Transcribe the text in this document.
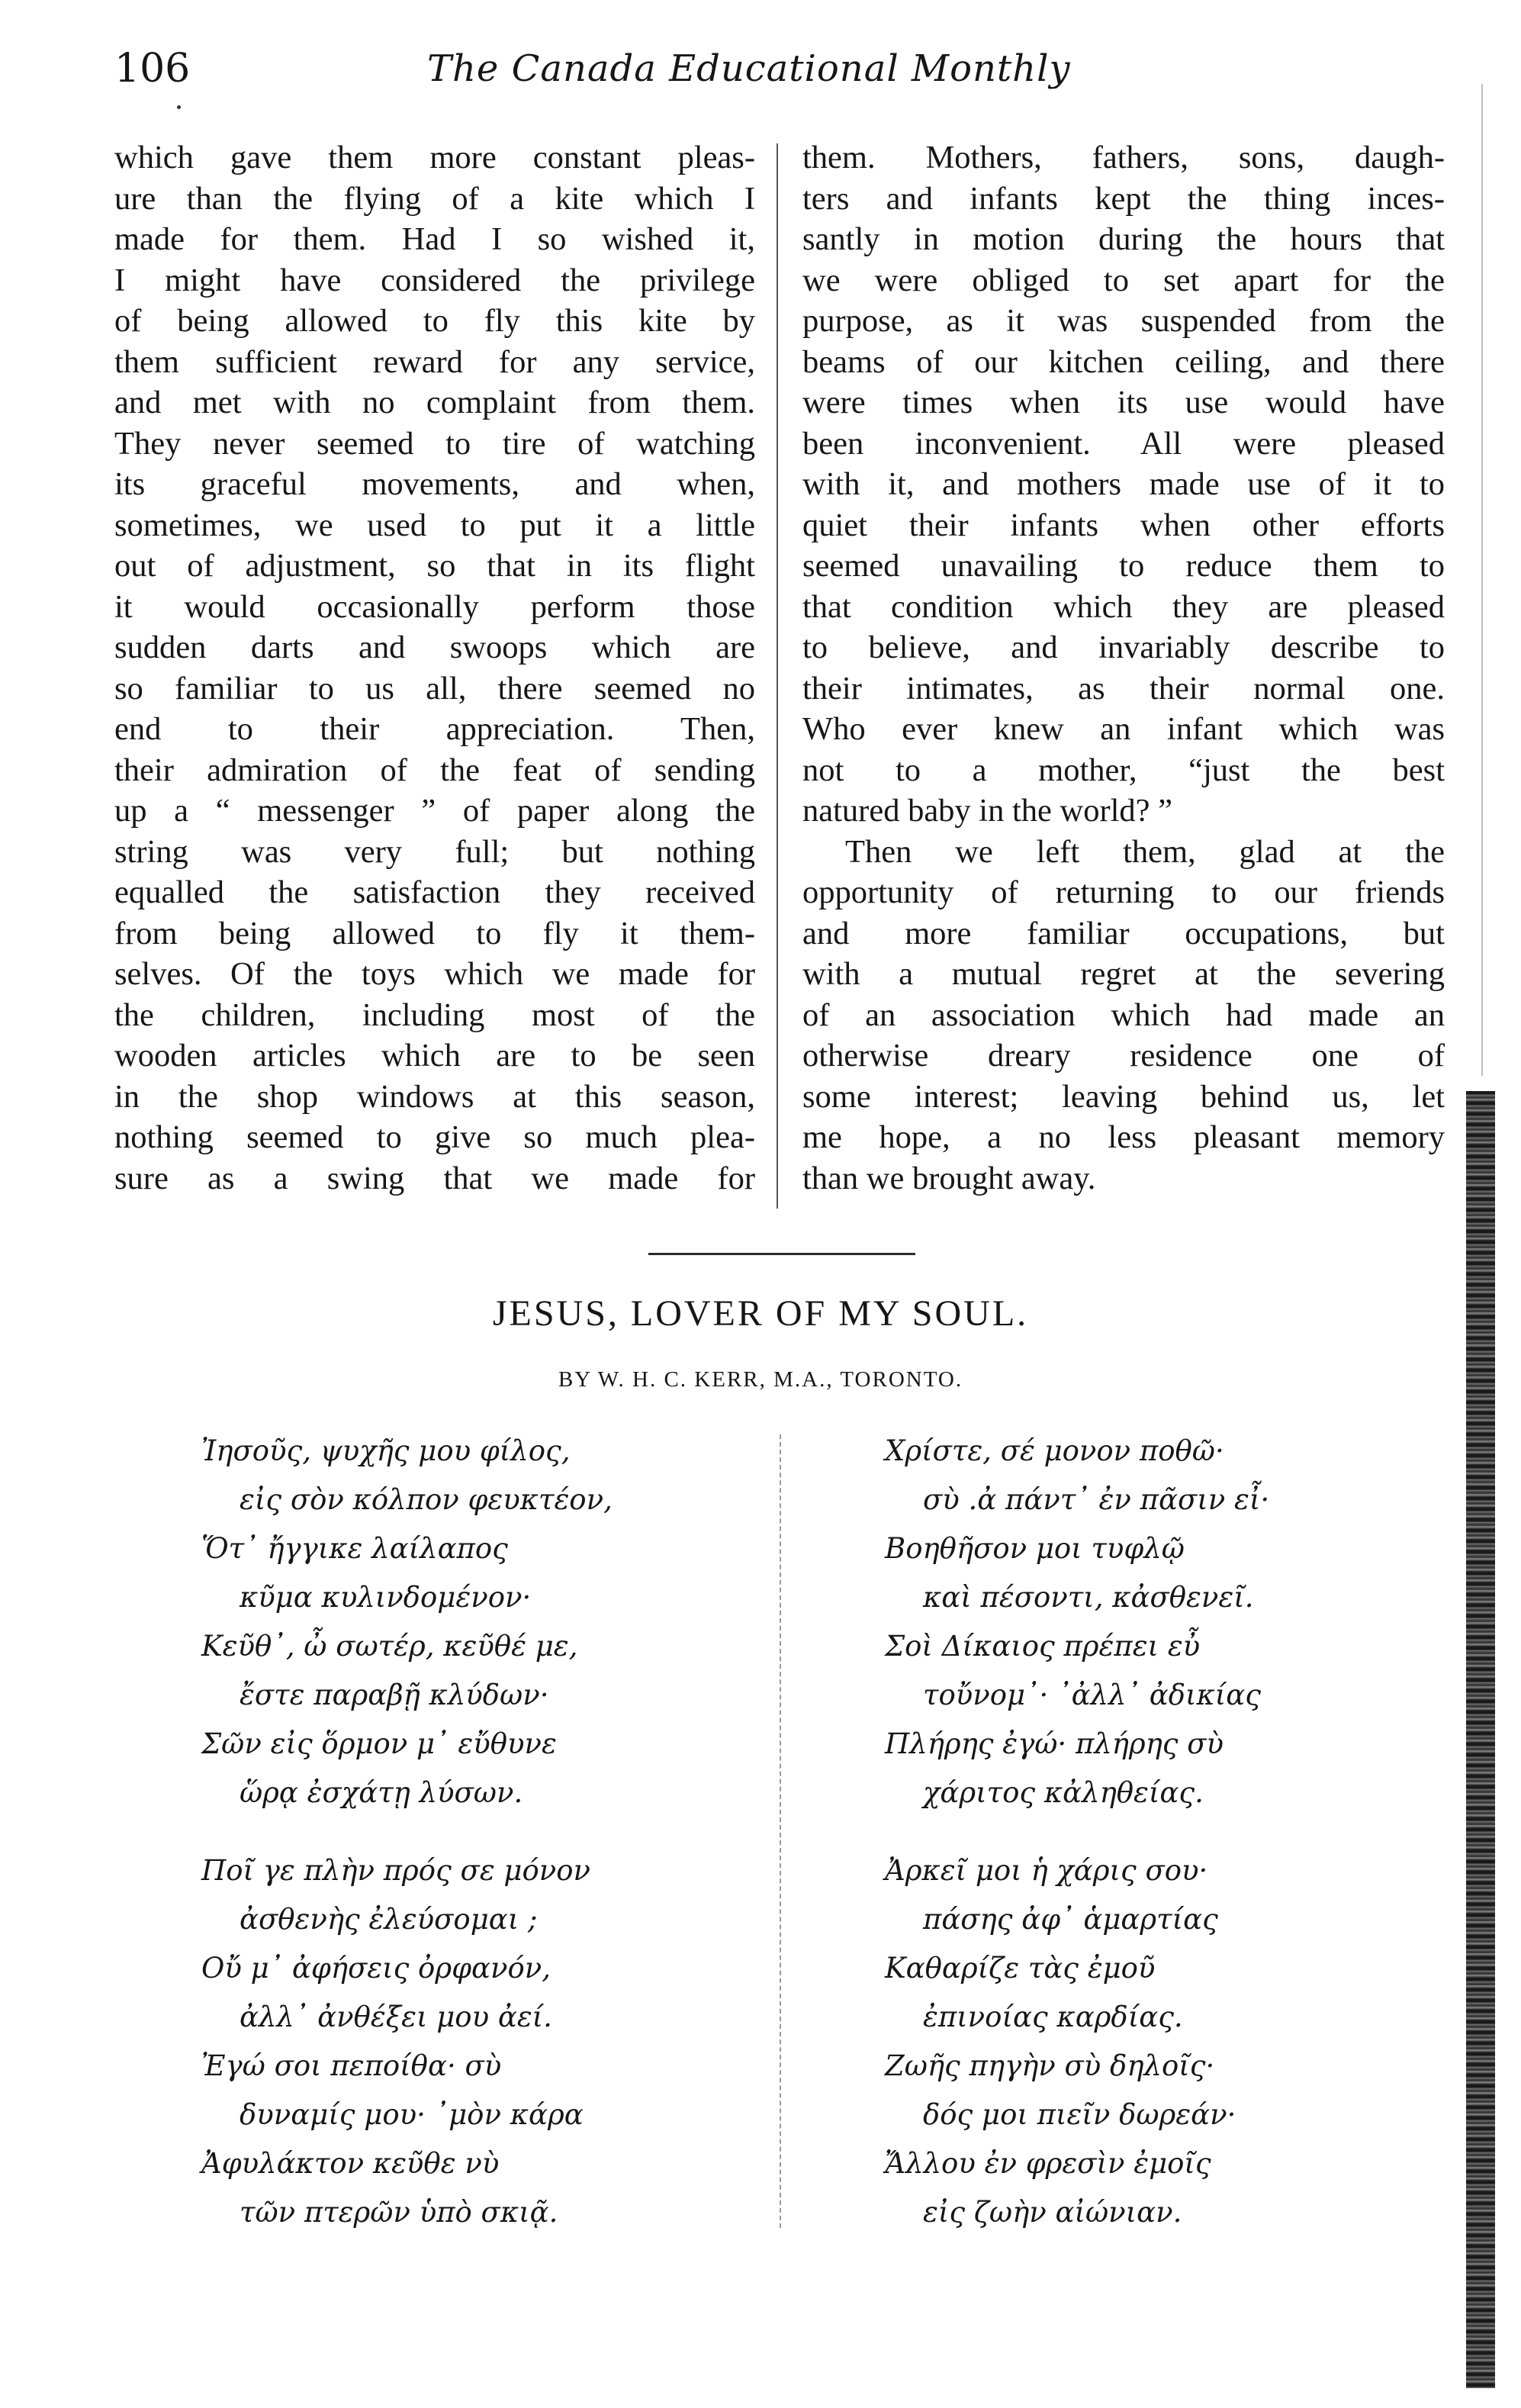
106	The Canada Educational Monthly
which gave them more constant pleas-
ure than the flying of a kite which I
made for them. Had I so wished it,
I might have considered the privilege
of being allowed to fly this kite by
them sufficient reward for any service,
and met with no complaint from them.
They never seemed to tire of watching
its graceful movements, and when,
sometimes, we used to put it a little
out of adjustment, so that in its flight
it would occasionally perform those
sudden darts and swoops which are
so familiar to us all, there seemed no
end to their appreciation. Then,
their admiration of the feat of sending
up a “ messenger ” of paper along the
string was very full; but nothing
equalled the satisfaction they received
from being allowed to fly it them-
selves. Of the toys which we made for
the children, including most of the
wooden articles which are to be seen
in the shop windows at this season,
nothing seemed to give so much plea-
sure as a swing that we made for
them. Mothers, fathers, sons, daugh-
ters and infants kept the thing inces-
santly in motion during the hours that
we were obliged to set apart for the
purpose, as it was suspended from the
beams of our kitchen ceiling, and there
were times when its use would have
been inconvenient. All were pleased
with it, and mothers made use of it to
quiet their infants when other efforts
seemed unavailing to reduce them to
that condition which they are pleased
to believe, and invariably describe to
their intimates, as their normal one.
Who ever knew an infant which was
not to a mother, “just the best
natured baby in the world? ”
Then we left them, glad at the
opportunity of returning to our friends
and more familiar occupations, but
with a mutual regret at the severing
of an association which had made an
otherwise dreary residence one of
some interest; leaving behind us, let
me hope, a no less pleasant memory
than we brought away.
JESUS, LOVER OF MY SOUL.
BY W. H. C. KERR, M.A., TORONTO.
Ἰησοῦς, ψυχῆς μου φίλος,
εἰς σὸν κόλπον φευκτέον,
Ὅτ᾽ ἤγγικε λαίλαπος
κῦμα κυλινδομένον·
Κεῦθ᾽, ὦ σωτέρ, κεῦθέ με,
ἔστε παραβῇ κλύδων·
Σῶν εἰς ὅρμον μ᾽ εὔθυνε
ὥρᾳ ἐσχάτῃ λύσων.
Ποῖ γε πλὴν πρός σε μόνον
ἀσθενὴς ἐλεύσομαι ;
Οὔ μ᾽ ἀφήσεις ὀρφανόν,
ἀλλ᾽ ἀνθέξει μου ἀεί.
Ἐγώ σοι πεποίθα· σὺ
δυναμίς μου· ᾽μὸν κάρα
Ἀφυλάκτον κεῦθε νὺ
τῶν πτερῶν ὑπὸ σκιᾷ.
Χρίστε, σέ μονον ποθῶ·
σὺ .ἀ πάντ᾽ ἐν πᾶσιν εἶ·
Βοηθῆσον μοι τυφλῷ
καὶ πέσοντι, κἀσθενεῖ.
Σοὶ Δίκαιος πρέπει εὖ
τοὔνομ᾽· ᾽ἀλλ᾽ ἀδικίας
Πλήρης ἐγώ· πλήρης σὺ
χάριτος κἀληθείας.
Ἀρκεῖ μοι ἡ χάρις σου·
πάσης ἀφ᾽ ἁμαρτίας
Καθαρίζε τὰς ἐμοῦ
ἐπινοίας καρδίας.
Ζωῆς πηγὴν σὺ δηλοῖς·
δός μοι πιεῖν δωρεάν·
Ἄλλου ἐν φρεσὶν ἐμοῖς
εἰς ζωὴν αἰώνιαν.
